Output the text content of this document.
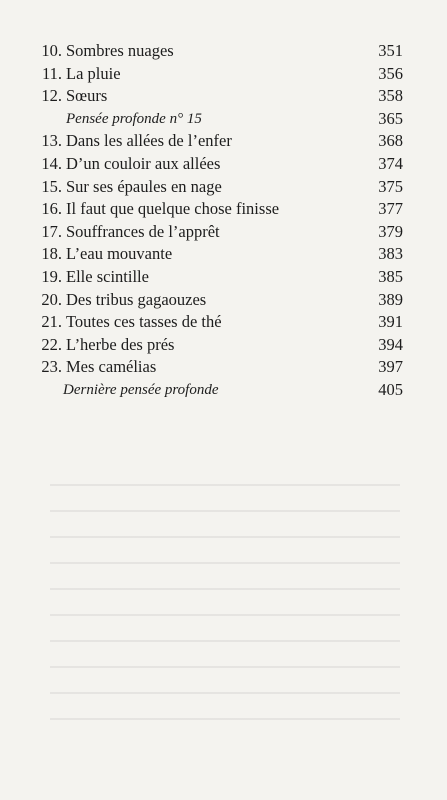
10. Sombres nuages	351
11. La pluie	356
12. Sœurs	358
Pensée profonde n° 15	365
13. Dans les allées de l’enfer	368
14. D’un couloir aux allées	374
15. Sur ses épaules en nage	375
16. Il faut que quelque chose finisse	377
17. Souffrances de l’apprêt	379
18. L’eau mouvante	383
19. Elle scintille	385
20. Des tribus gagaouzes	389
21. Toutes ces tasses de thé	391
22. L’herbe des prés	394
23. Mes camélias	397
Dernière pensée profonde	405
